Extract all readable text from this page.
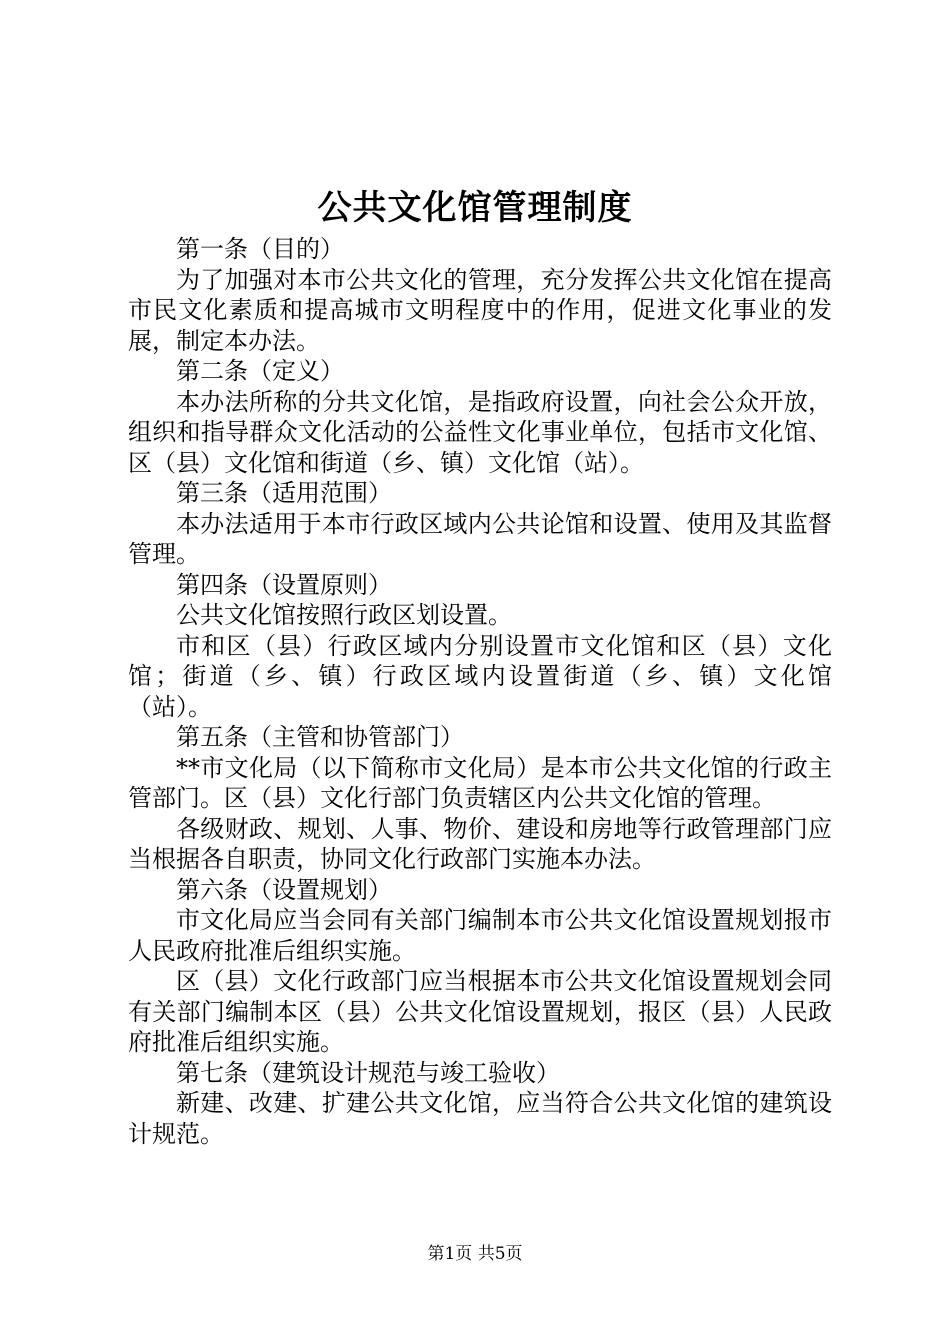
公共文化馆管理制度

第一条（目的）

为了加强对本市公共文化的管理，充分发挥公共文化馆在提高市民文化素质和提高城市文明程度中的作用，促进文化事业的发展，制定本办法。

第二条（定义）

本办法所称的分共文化馆，是指政府设置，向社会公众开放，组织和指导群众文化活动的公益性文化事业单位，包括市文化馆、区（县）文化馆和街道（乡、镇）文化馆（站）。

第三条（适用范围）

本办法适用于本市行政区域内公共论馆和设置、使用及其监督管理。

第四条（设置原则）

公共文化馆按照行政区划设置。

市和区（县）行政区域内分别设置市文化馆和区（县）文化馆；街道（乡、镇）行政区域内设置街道（乡、镇）文化馆（站）。

第五条（主管和协管部门）

**市文化局（以下简称市文化局）是本市公共文化馆的行政主管部门。区（县）文化行部门负责辖区内公共文化馆的管理。

各级财政、规划、人事、物价、建设和房地等行政管理部门应当根据各自职责，协同文化行政部门实施本办法。

第六条（设置规划）

市文化局应当会同有关部门编制本市公共文化馆设置规划报市人民政府批准后组织实施。

区（县）文化行政部门应当根据本市公共文化馆设置规划会同有关部门编制本区（县）公共文化馆设置规划，报区（县）人民政府批准后组织实施。

第七条（建筑设计规范与竣工验收）

新建、改建、扩建公共文化馆，应当符合公共文化馆的建筑设计规范。

第1页 共5页
